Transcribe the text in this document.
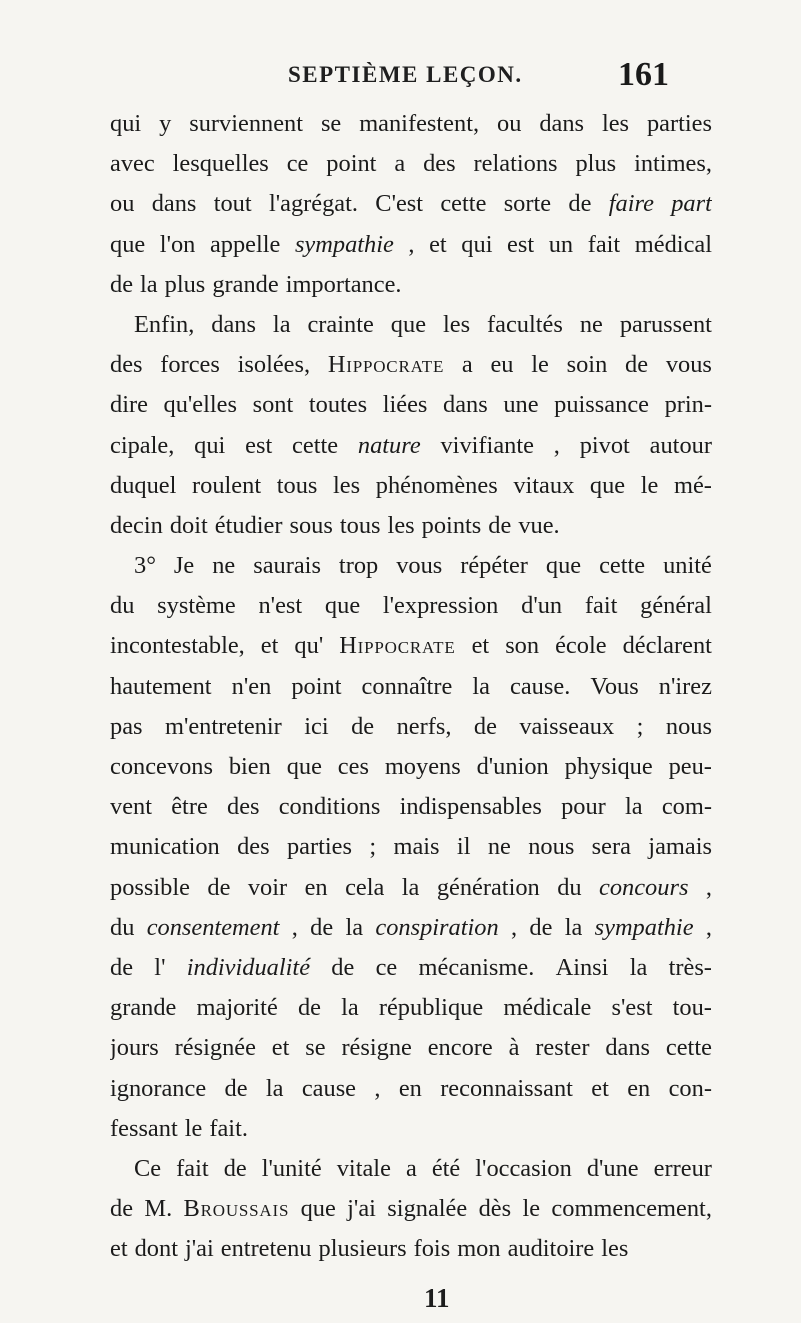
SEPTIÈME LEÇON.	161
qui y surviennent se manifestent, ou dans les parties
avec lesquelles ce point a des relations plus intimes,
ou dans tout l'agrégat. C'est cette sorte de faire part
que l'on appelle sympathie , et qui est un fait médical
de la plus grande importance.
Enfin, dans la crainte que les facultés ne parussent
des forces isolées, Hippocrate a eu le soin de vous
dire qu'elles sont toutes liées dans une puissance prin-
cipale, qui est cette nature vivifiante , pivot autour
duquel roulent tous les phénomènes vitaux que le mé-
decin doit étudier sous tous les points de vue.
3° Je ne saurais trop vous répéter que cette unité
du système n'est que l'expression d'un fait général
incontestable, et qu' Hippocrate et son école déclarent
hautement n'en point connaître la cause. Vous n'irez
pas m'entretenir ici de nerfs, de vaisseaux ; nous
concevons bien que ces moyens d'union physique peu-
vent être des conditions indispensables pour la com-
munication des parties ; mais il ne nous sera jamais
possible de voir en cela la génération du concours ,
du consentement , de la conspiration , de la sympathie ,
de l' individualité de ce mécanisme. Ainsi la très-
grande majorité de la république médicale s'est tou-
jours résignée et se résigne encore à rester dans cette
ignorance de la cause , en reconnaissant et en con-
fessant le fait.
Ce fait de l'unité vitale a été l'occasion d'une erreur
de M. Broussais que j'ai signalée dès le commencement,
et dont j'ai entretenu plusieurs fois mon auditoire les
11
